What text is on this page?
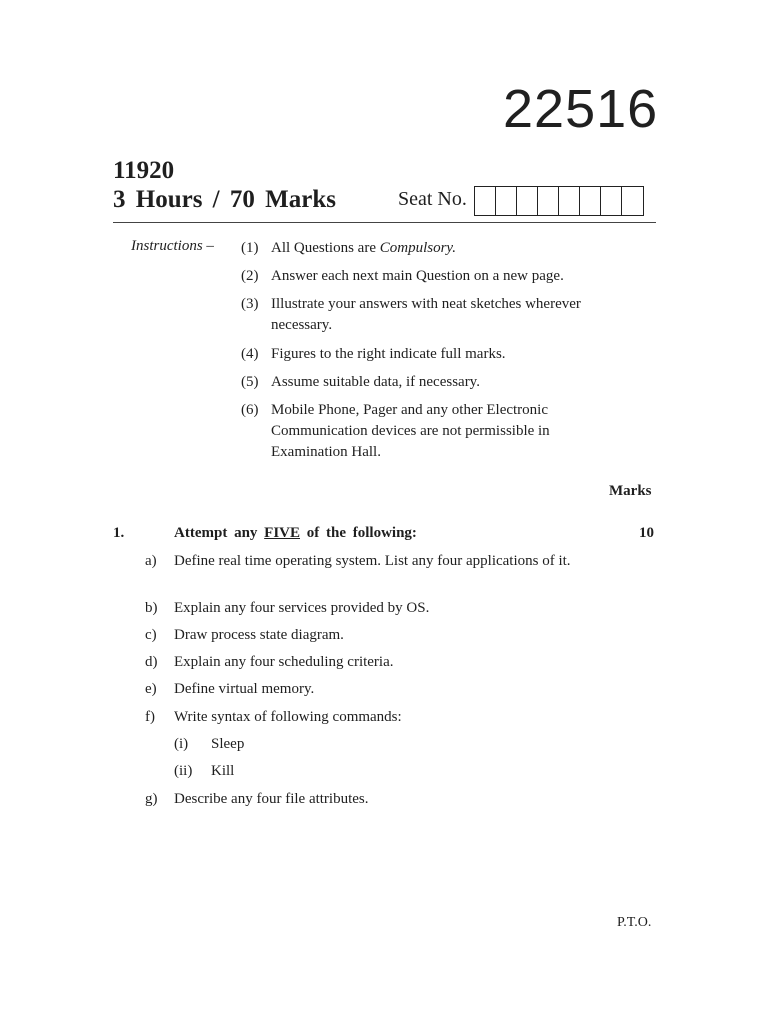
22516
11920
3 Hours / 70 Marks	Seat No.
Instructions – (1) All Questions are Compulsory.
(2) Answer each next main Question on a new page.
(3) Illustrate your answers with neat sketches wherever necessary.
(4) Figures to the right indicate full marks.
(5) Assume suitable data, if necessary.
(6) Mobile Phone, Pager and any other Electronic Communication devices are not permissible in Examination Hall.
Marks
1.	Attempt any FIVE of the following:	10
a)	Define real time operating system. List any four applications of it.
b)	Explain any four services provided by OS.
c)	Draw process state diagram.
d)	Explain any four scheduling criteria.
e)	Define virtual memory.
f)	Write syntax of following commands:
(i)	Sleep
(ii)	Kill
g)	Describe any four file attributes.
P.T.O.
